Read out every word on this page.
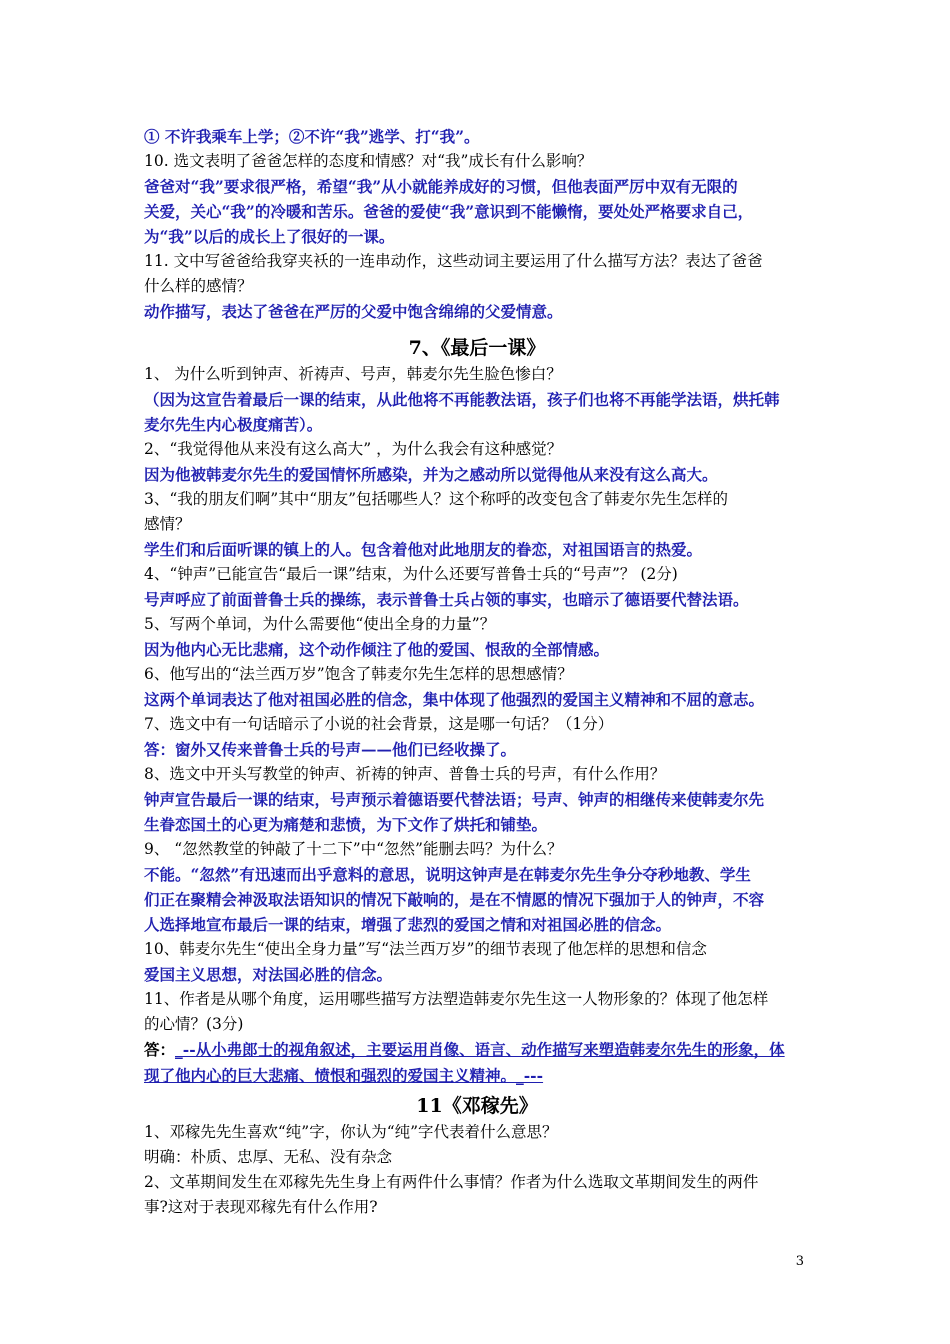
① 不许我乘车上学；②不许“我”逃学、打“我”。
10. 选文表明了爸爸怎样的态度和情感？对“我”成长有什么影响？
爸爸对“我”要求很严格，希望“我”从小就能养成好的习惯，但他表面严厉中双有无限的
关爱，关心“我”的冷暖和苦乐。爸爸的爱使“我”意识到不能懒惰，要处处严格要求自己，
为“我”以后的成长上了很好的一课。
11. 文中写爸爸给我穿夹袄的一连串动作，这些动词主要运用了什么描写方法？表达了爸爸
什么样的感情？
动作描写，表达了爸爸在严厉的父爱中饱含绵绵的父爱情意。
7、《最后一课》
1、 为什么听到钟声、祈祷声、号声，韩麦尔先生脸色惨白？
（因为这宣告着最后一课的结束，从此他将不再能教法语，孩子们也将不再能学法语，烘托韩
麦尔先生内心极度痛苦）。
2、“我觉得他从来没有这么高大” ，为什么我会有这种感觉？
因为他被韩麦尔先生的爱国情怀所感染，并为之感动所以觉得他从来没有这么高大。
3、“我的朋友们啊”其中“朋友”包括哪些人？这个称呼的改变包含了韩麦尔先生怎样的
感情？
学生们和后面听课的镇上的人。包含着他对此地朋友的眷恋，对祖国语言的热爱。
4、“钟声”已能宣告“最后一课”结束，为什么还要写普鲁士兵的“号声”？ (2分)
号声呼应了前面普鲁士兵的操练，表示普鲁士兵占领的事实，也暗示了德语要代替法语。
5、写两个单词，为什么需要他“使出全身的力量”？
因为他内心无比悲痛，这个动作倾注了他的爱国、恨敌的全部情感。
6、他写出的“法兰西万岁”饱含了韩麦尔先生怎样的思想感情？
这两个单词表达了他对祖国必胜的信念，集中体现了他强烈的爱国主义精神和不屈的意志。
7、选文中有一句话暗示了小说的社会背景，这是哪一句话？（1分）
答：窗外又传来普鲁士兵的号声——他们已经收操了。
8、选文中开头写教堂的钟声、祈祷的钟声、普鲁士兵的号声，有什么作用？
钟声宣告最后一课的结束，号声预示着德语要代替法语；号声、钟声的相继传来使韩麦尔先
生眷恋国土的心更为痛楚和悲愤，为下文作了烘托和铺垫。
9、 “忽然教堂的钟敲了十二下”中“忽然”能删去吗？为什么？
不能。“忽然”有迅速而出乎意料的意思，说明这钟声是在韩麦尔先生争分夺秒地教、学生
们正在聚精会神汲取法语知识的情况下敲响的，是在不情愿的情况下强加于人的钟声，不容
人选择地宣布最后一课的结束，增强了悲烈的爱国之情和对祖国必胜的信念。
10、韩麦尔先生“使出全身力量”写“法兰西万岁”的细节表现了他怎样的思想和信念
爱国主义思想，对法国必胜的信念。
11、作者是从哪个角度，运用哪些描写方法塑造韩麦尔先生这一人物形象的？体现了他怎样
的心情？(3分)
答：_--从小弗郎士的视角叙述，主要运用肖像、语言、动作描写来塑造韩麦尔先生的形象，体
现了他内心的巨大悲痛、愤恨和强烈的爱国主义精神。_---
11《邓稼先》
1、邓稼先先生喜欢“纯”字，你认为“纯”字代表着什么意思？
明确：朴质、忠厚、无私、没有杂念
2、文革期间发生在邓稼先先生身上有两件什么事情？作者为什么选取文革期间发生的两件
事?这对于表现邓稼先有什么作用?
3
